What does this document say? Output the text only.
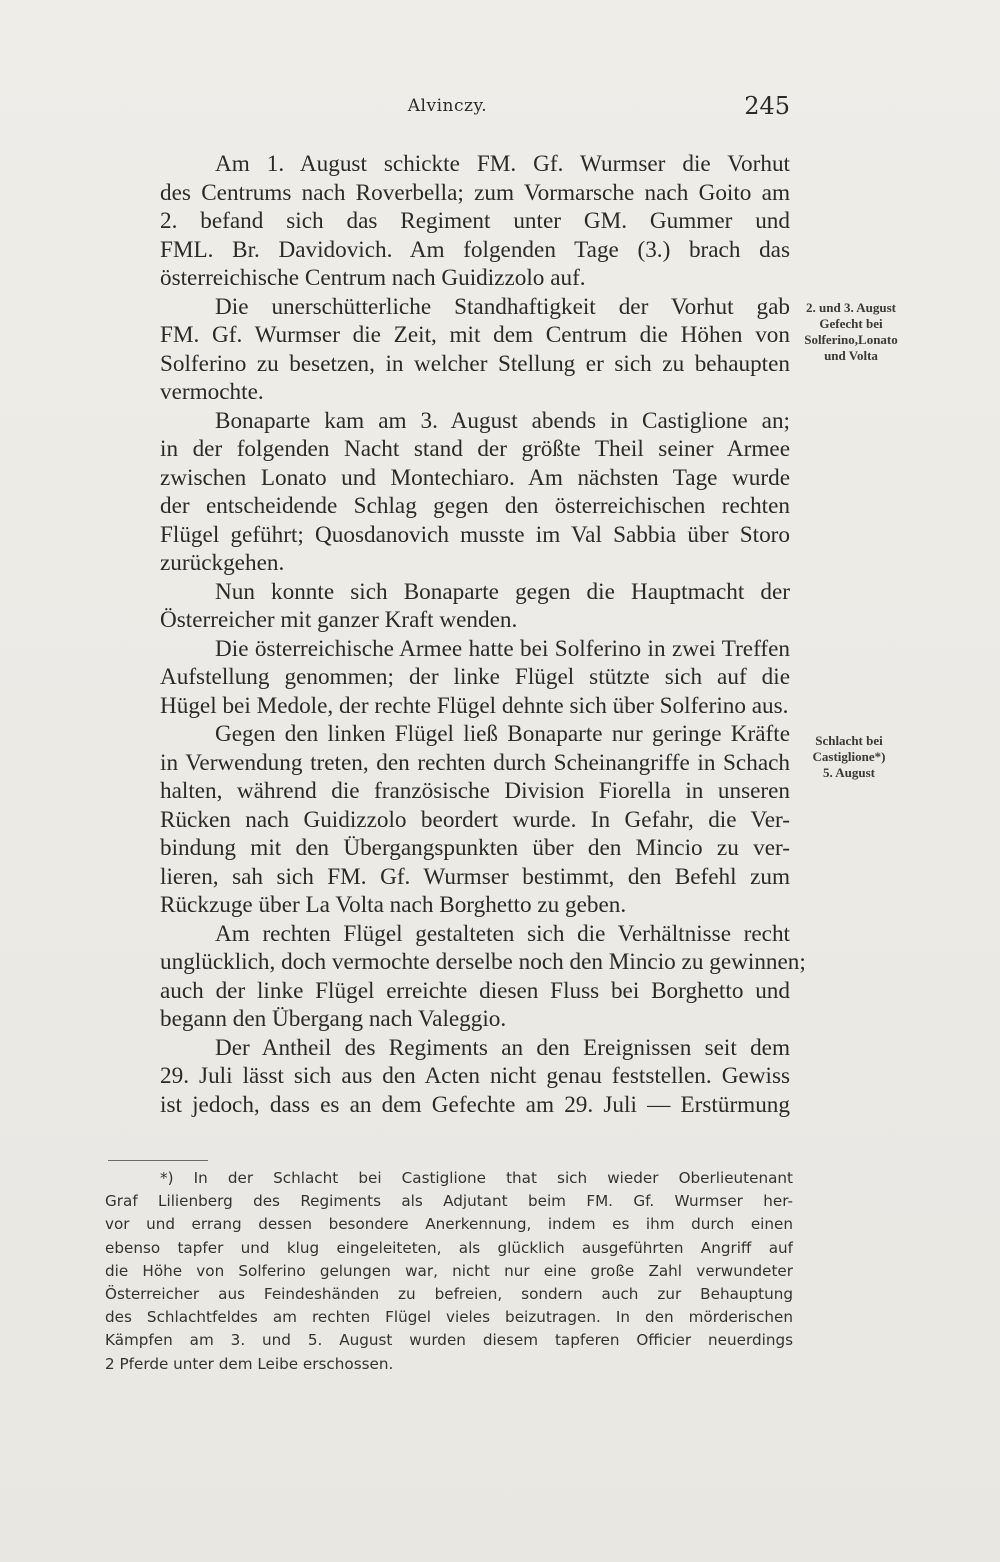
Alvinczy.	245

Am 1. August schickte FM. Gf. Wurmser die Vorhut
des Centrums nach Roverbella; zum Vormarsche nach Goito am
2. befand sich das Regiment unter GM. Gummer und
FML. Br. Davidovich. Am folgenden Tage (3.) brach das
österreichische Centrum nach Guidizzolo auf.

Die unerschütterliche Standhaftigkeit der Vorhut gab
FM. Gf. Wurmser die Zeit, mit dem Centrum die Höhen von
Solferino zu besetzen, in welcher Stellung er sich zu behaupten
vermochte.

Bonaparte kam am 3. August abends in Castiglione an;
in der folgenden Nacht stand der größte Theil seiner Armee
zwischen Lonato und Montechiaro. Am nächsten Tage wurde
der entscheidende Schlag gegen den österreichischen rechten
Flügel geführt; Quosdanovich musste im Val Sabbia über Storo
zurückgehen.

Nun konnte sich Bonaparte gegen die Hauptmacht der
Österreicher mit ganzer Kraft wenden.

Die österreichische Armee hatte bei Solferino in zwei Treffen
Aufstellung genommen; der linke Flügel stützte sich auf die
Hügel bei Medole, der rechte Flügel dehnte sich über Solferino aus.

Gegen den linken Flügel ließ Bonaparte nur geringe Kräfte
in Verwendung treten, den rechten durch Scheinangriffe in Schach
halten, während die französische Division Fiorella in unseren
Rücken nach Guidizzolo beordert wurde. In Gefahr, die Ver-
bindung mit den Übergangspunkten über den Mincio zu ver-
lieren, sah sich FM. Gf. Wurmser bestimmt, den Befehl zum
Rückzuge über La Volta nach Borghetto zu geben.

Am rechten Flügel gestalteten sich die Verhältnisse recht
unglücklich, doch vermochte derselbe noch den Mincio zu gewinnen;
auch der linke Flügel erreichte diesen Fluss bei Borghetto und
begann den Übergang nach Valeggio.

Der Antheil des Regiments an den Ereignissen seit dem
29. Juli lässt sich aus den Acten nicht genau feststellen. Gewiss
ist jedoch, dass es an dem Gefechte am 29. Juli — Erstürmung

2. und 3. August
Gefecht bei
Solferino,Lonato
und Volta
Schlacht bei
Castiglione*)
5. August
*) In der Schlacht bei Castiglione that sich wieder Oberlieutenant
Graf Lilienberg des Regiments als Adjutant beim FM. Gf. Wurmser her-
vor und errang dessen besondere Anerkennung, indem es ihm durch einen
ebenso tapfer und klug eingeleiteten, als glücklich ausgeführten Angriff auf
die Höhe von Solferino gelungen war, nicht nur eine große Zahl verwundeter
Österreicher aus Feindeshänden zu befreien, sondern auch zur Behauptung
des Schlachtfeldes am rechten Flügel vieles beizutragen. In den mörderischen
Kämpfen am 3. und 5. August wurden diesem tapferen Officier neuerdings
2 Pferde unter dem Leibe erschossen.
